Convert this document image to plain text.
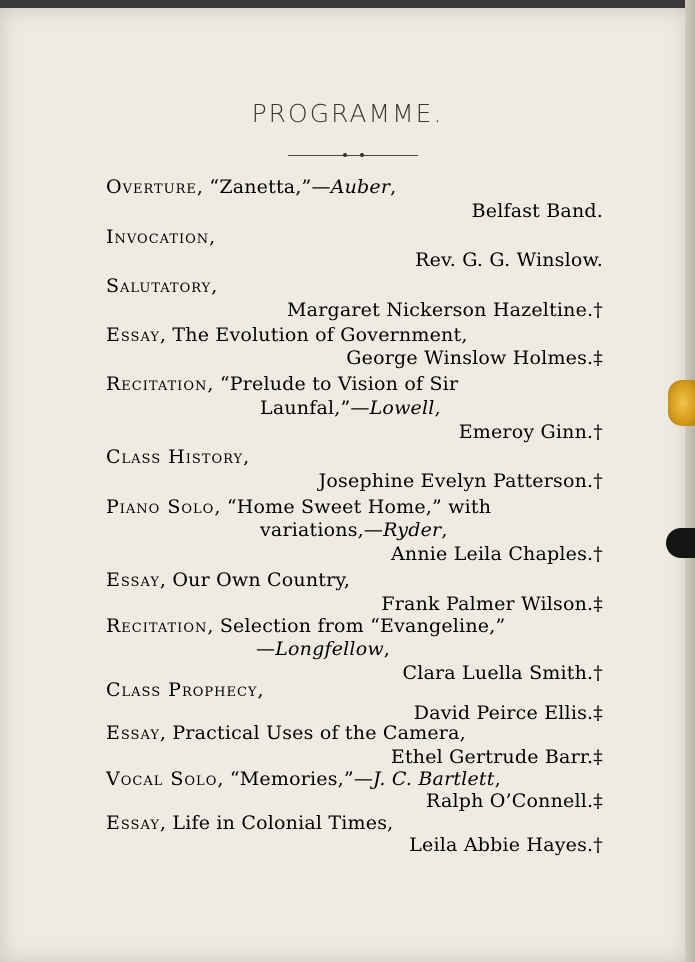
PROGRAMME.
Overture, “Zanetta,”—Auber,
Belfast Band.
Invocation,
Rev. G. G. Winslow.
Salutatory,
Margaret Nickerson Hazeltine.†
Essay, The Evolution of Government,
George Winslow Holmes.‡
Recitation, “Prelude to Vision of Sir
Launfal,”—Lowell,
Emeroy Ginn.†
Class History,
Josephine Evelyn Patterson.†
Piano Solo, “Home Sweet Home,” with
variations,—Ryder,
Annie Leila Chaples.†
Essay, Our Own Country,
Frank Palmer Wilson.‡
Recitation, Selection from “Evangeline,”
—Longfellow,
Clara Luella Smith.†
Class Prophecy,
David Peirce Ellis.‡
Essay, Practical Uses of the Camera,
Ethel Gertrude Barr.‡
Vocal Solo, “Memories,”—J. C. Bartlett,
Ralph O’Connell.‡
Essay, Life in Colonial Times,
Leila Abbie Hayes.†
